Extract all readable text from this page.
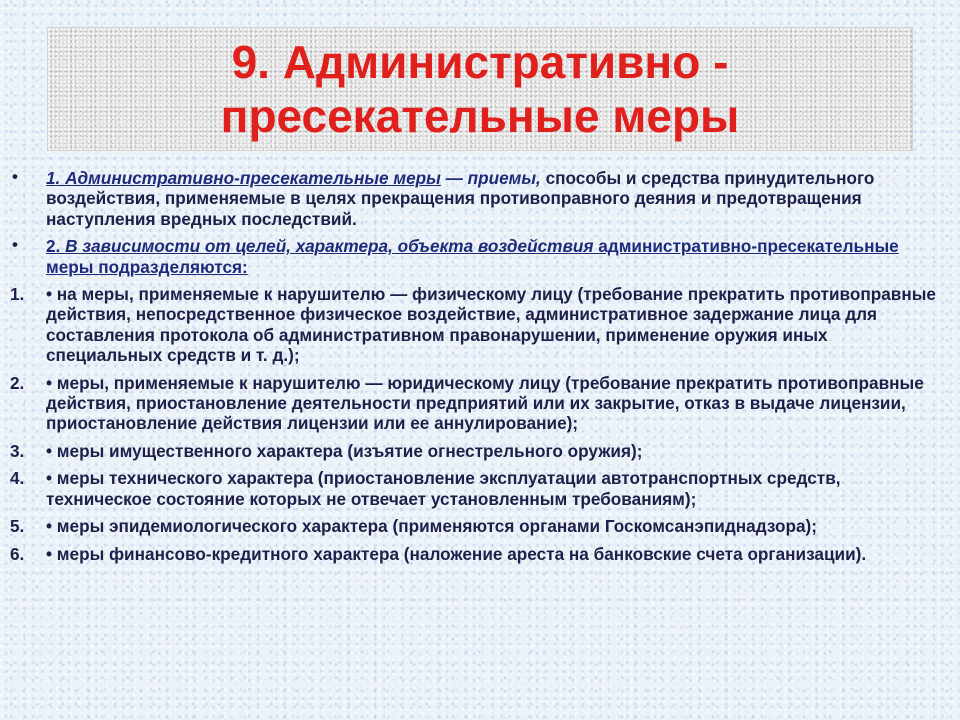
9. Административно -
пресекательные меры
•	1. Административно-пресекательные меры — приемы, способы и средства принудительного воздействия, применяемые в целях прекращения противоправного деяния и предотвращения наступления вредных последствий.
•	2. В зависимости от целей, характера, объекта воздействия административно-пресекательные меры подразделяются:
1.	• на меры, применяемые к нарушителю — физическому лицу (требование прекратить противоправные действия, непосредственное физическое воздействие, административное задержание лица для составления протокола об административном правонарушении, применение оружия иных специальных средств и т. д.);
2.	• меры, применяемые к нарушителю — юридическому лицу (требование прекратить противоправные действия, приостановление деятельности предприятий или их закрытие, отказ в выдаче лицензии, приостановление действия лицензии или ее аннулирование);
3.	• меры имущественного характера (изъятие огнестрельного оружия);
4.	• меры технического характера (приостановление эксплуатации автотранспортных средств, техническое состояние которых не отвечает установленным требованиям);
5.	• меры эпидемиологического характера (применяются органами Госкомсанэпиднадзора);
6.	• меры финансово-кредитного характера (наложение ареста на банковские счета организации).
